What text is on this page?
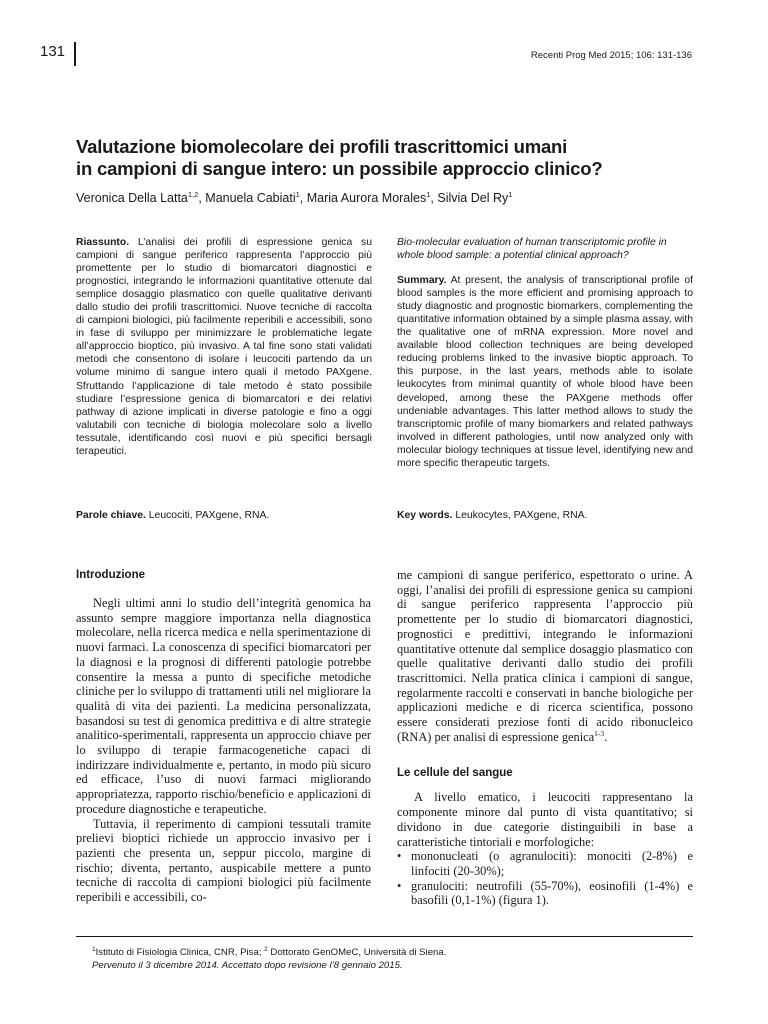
131	Recenti Prog Med 2015; 106: 131-136
Valutazione biomolecolare dei profili trascrittomici umani
in campioni di sangue intero: un possibile approccio clinico?
Veronica Della Latta$^{1,2}$, Manuela Cabiati$^1$, Maria Aurora Morales$^1$, Silvia Del Ry$^1$
Riassunto. L’analisi dei profili di espressione genica su campioni di sangue periferico rappresenta l’approccio più promettente per lo studio di biomarcatori diagnostici e prognostici, integrando le informazioni quantitative ottenute dal semplice dosaggio plasmatico con quelle qualitative derivanti dallo studio dei profili trascrittomici. Nuove tecniche di raccolta di campioni biologici, più facilmente reperibili e accessibili, sono in fase di sviluppo per minimizzare le problematiche legate all’approccio bioptico, più invasivo. A tal fine sono stati validati metodi che consentono di isolare i leucociti partendo da un volume minimo di sangue intero quali il metodo PAXgene. Sfruttando l’applicazione di tale metodo è stato possibile studiare l’espressione genica di biomarcatori e dei relativi pathway di azione implicati in diverse patologie e fino a oggi valutabili con tecniche di biologia molecolare solo a livello tessutale, identificando così nuovi e più specifici bersagli terapeutici.
Bio-molecular evaluation of human transcriptomic profile in whole blood sample: a potential clinical approach?
Summary. At present, the analysis of transcriptional profile of blood samples is the more efficient and promising approach to study diagnostic and prognostic biomarkers, complementing the quantitative information obtained by a simple plasma assay, with the qualitative one of mRNA expression. More novel and available blood collection techniques are being developed reducing problems linked to the invasive bioptic approach. To this purpose, in the last years, methods able to isolate leukocytes from minimal quantity of whole blood have been developed, among these the PAXgene methods offer undeniable advantages. This latter method allows to study the transcriptomic profile of many biomarkers and related pathways involved in different pathologies, until now analyzed only with molecular biology techniques at tissue level, identifying new and more specific therapeutic targets.
Parole chiave. Leucociti, PAXgene, RNA.	Key words. Leukocytes, PAXgene, RNA.
Introduzione

Negli ultimi anni lo studio dell’integrità genomica ha assunto sempre maggiore importanza nella diagnostica molecolare, nella ricerca medica e nella sperimentazione di nuovi farmaci. La conoscenza di specifici biomarcatori per la diagnosi e la prognosi di differenti patologie potrebbe consentire la messa a punto di specifiche metodiche cliniche per lo sviluppo di trattamenti utili nel migliorare la qualità di vita dei pazienti. La medicina personalizzata, basandosi su test di genomica predittiva e di altre strategie analitico-sperimentali, rappresenta un approccio chiave per lo sviluppo di terapie farmacogenetiche capaci di indirizzare individualmente e, pertanto, in modo più sicuro ed efficace, l’uso di nuovi farmaci migliorando appropriatezza, rapporto rischio/beneficio e applicazioni di procedure diagnostiche e terapeutiche.

Tuttavia, il reperimento di campioni tessutali tramite prelievi bioptici richiede un approccio invasivo per i pazienti che presenta un, seppur piccolo, margine di rischio; diventa, pertanto, auspicabile mettere a punto tecniche di raccolta di campioni biologici più facilmente reperibili e accessibili, co-

me campioni di sangue periferico, espettorato o urine. A oggi, l’analisi dei profili di espressione genica su campioni di sangue periferico rappresenta l’approccio più promettente per lo studio di biomarcatori diagnostici, prognostici e predittivi, integrando le informazioni quantitative ottenute dal semplice dosaggio plasmatico con quelle qualitative derivanti dallo studio dei profili trascrittomici. Nella pratica clinica i campioni di sangue, regolarmente raccolti e conservati in banche biologiche per applicazioni mediche e di ricerca scientifica, possono essere considerati preziose fonti di acido ribonucleico (RNA) per analisi di espressione genica$^{1-3}$.

Le cellule del sangue

A livello ematico, i leucociti rappresentano la componente minore dal punto di vista quantitativo; si dividono in due categorie distinguibili in base a caratteristiche tintoriali e morfologiche:

• mononucleati (o agranulociti): monociti (2-8%) e linfociti (20-30%);

• granulociti: neutrofili (55-70%), eosinofili (1-4%) e basofili (0,1-1%) (figura 1).

$^1$Istituto di Fisiologia Clinica, CNR, Pisa; $^2$ Dottorato GenOMeC, Università di Siena.
Pervenuto il 3 dicembre 2014. Accettato dopo revisione l’8 gennaio 2015.
